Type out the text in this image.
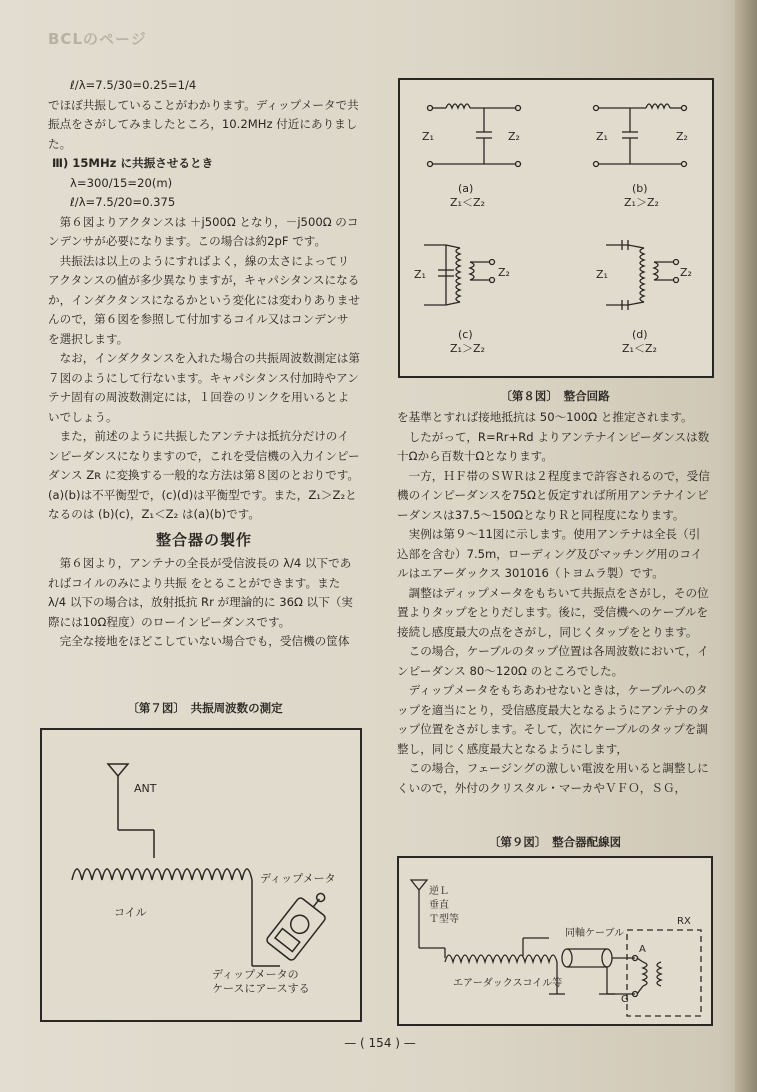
BCLのページ

ℓ/λ=7.5/30=0.25=1/4

でほぼ共振していることがわかります。ディップメータで共振点をさがしてみましたところ，10.2MHz 付近にありました。

Ⅲ) 15MHz に共振させるとき

λ=300/15=20(m)

ℓ/λ=7.5/20=0.375

第６図よりアクタンスは ＋j500Ω となり，－j500Ω のコンデンサが必要になります。この場合は約2pF です。

共振法は以上のようにすればよく，線の太さによってリアクタンスの値が多少異なりますが，キャパシタンスになるか，インダクタンスになるかという変化には変わりありませんので，第６図を参照して付加するコイル又はコンデンサを選択します。

なお，インダクタンスを入れた場合の共振周波数測定は第７図のようにして行ないます。キャパシタンス付加時やアンテナ固有の周波数測定には，１回巻のリンクを用いるとよいでしょう。

また，前述のように共振したアンテナは抵抗分だけのインピーダンスになりますので，これを受信機の入力インピーダンス Zʀ に変換する一般的な方法は第８図のとおりです。

(a)(b)は不平衡型で，(c)(d)は平衡型です。また，Z₁＞Z₂となるのは (b)(c)，Z₁＜Z₂ は(a)(b)です。

整合器の製作

第６図より，アンテナの全長が受信波長の λ/4 以下であればコイルのみにより共振 をとることができます。また λ/4 以下の場合は，放射抵抗 Rr が理論的に 36Ω 以下（実際には10Ω程度）のローインピーダンスです。

完全な接地をほどこしていない場合でも，受信機の筐体

〔第７図〕　共振周波数の測定
ANT
コイル
ディップメータ
ディップメータの
ケースにアースする
Z₁	Z₂
(a)
Z₁＜Z₂
Z₁	Z₂
(b)
Z₁＞Z₂
Z₁	Z₂
(c)
Z₁＞Z₂
Z₁	Z₂
(d)
Z₁＜Z₂
〔第８図〕　整合回路

を基準とすれば接地抵抗は 50～100Ω と推定されます。

したがって，R=Rr+Rd よりアンテナインピーダンスは数十Ωから百数十Ωとなります。

一方，ＨＦ帯のＳＷＲは２程度まで許容されるので，受信機のインピーダンスを75Ωと仮定すれば所用アンテナインピーダンスは37.5～150ΩとなりＲと同程度になります。

実例は第９～11図に示します。使用アンテナは全長（引込部を含む）7.5m，ローディング及びマッチング用のコイルはエアーダックス 301016（トヨムラ製）です。

調整はディップメータをもちいて共振点をさがし，その位置よりタップをとりだします。後に，受信機へのケーブルを接続し感度最大の点をさがし，同じくタップをとります。

この場合，ケーブルのタップ位置は各周波数において，インピーダンス 80～120Ω のところでした。

ディップメータをもちあわせないときは，ケーブルへのタップを適当にとり，受信感度最大となるようにアンテナのタップ位置をさがします。そして，次にケーブルのタップを調整し，同じく感度最大となるようにします，

この場合，フェージングの激しい電波を用いると調整しにくいので，外付のクリスタル・マーカやＶＦＯ，ＳＧ，

〔第９図〕　整合器配線図
逆Ｌ
垂直
Ｔ型等
同軸ケーブル
エアーダックスコイル等
RX
A
G
— ( 154 ) —
